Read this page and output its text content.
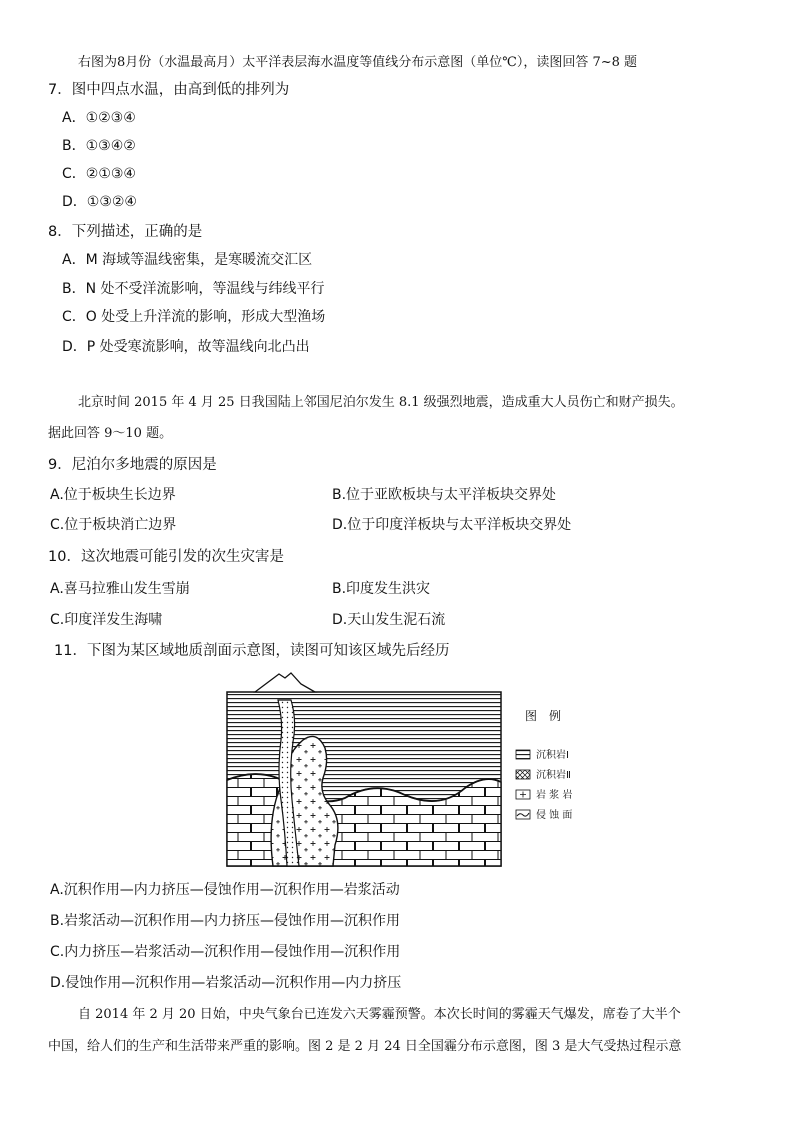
右图为8月份（水温最高月）太平洋表层海水温度等值线分布示意图（单位℃），读图回答 7~8 题
7．图中四点水温，由高到低的排列为
A．①②③④
B．①③④②
C．②①③④
D．①③②④
8．下列描述，正确的是
A．M 海域等温线密集，是寒暖流交汇区
B．N 处不受洋流影响，等温线与纬线平行
C．O 处受上升洋流的影响，形成大型渔场
D．P 处受寒流影响，故等温线向北凸出
北京时间 2015 年 4 月 25 日我国陆上邻国尼泊尔发生 8.1 级强烈地震，造成重大人员伤亡和财产损失。
据此回答 9～10 题。
9．尼泊尔多地震的原因是
A.位于板块生长边界	B.位于亚欧板块与太平洋板块交界处
C.位于板块消亡边界	D.位于印度洋板块与太平洋板块交界处
10．这次地震可能引发的次生灾害是
A.喜马拉雅山发生雪崩	B.印度发生洪灾
C.印度洋发生海啸	D.天山发生泥石流
11．下图为某区域地质剖面示意图，读图可知该区域先后经历
图　例
沉积岩Ⅰ
沉积岩Ⅱ
岩 浆 岩
侵 蚀 面
A.沉积作用—内力挤压—侵蚀作用—沉积作用—岩浆活动
B.岩浆活动—沉积作用—内力挤压—侵蚀作用—沉积作用
C.内力挤压—岩浆活动—沉积作用—侵蚀作用—沉积作用
D.侵蚀作用—沉积作用—岩浆活动—沉积作用—内力挤压
自 2014 年 2 月 20 日始，中央气象台已连发六天雾霾预警。本次长时间的雾霾天气爆发，席卷了大半个
中国，给人们的生产和生活带来严重的影响。图 2 是 2 月 24 日全国霾分布示意图，图 3 是大气受热过程示意
